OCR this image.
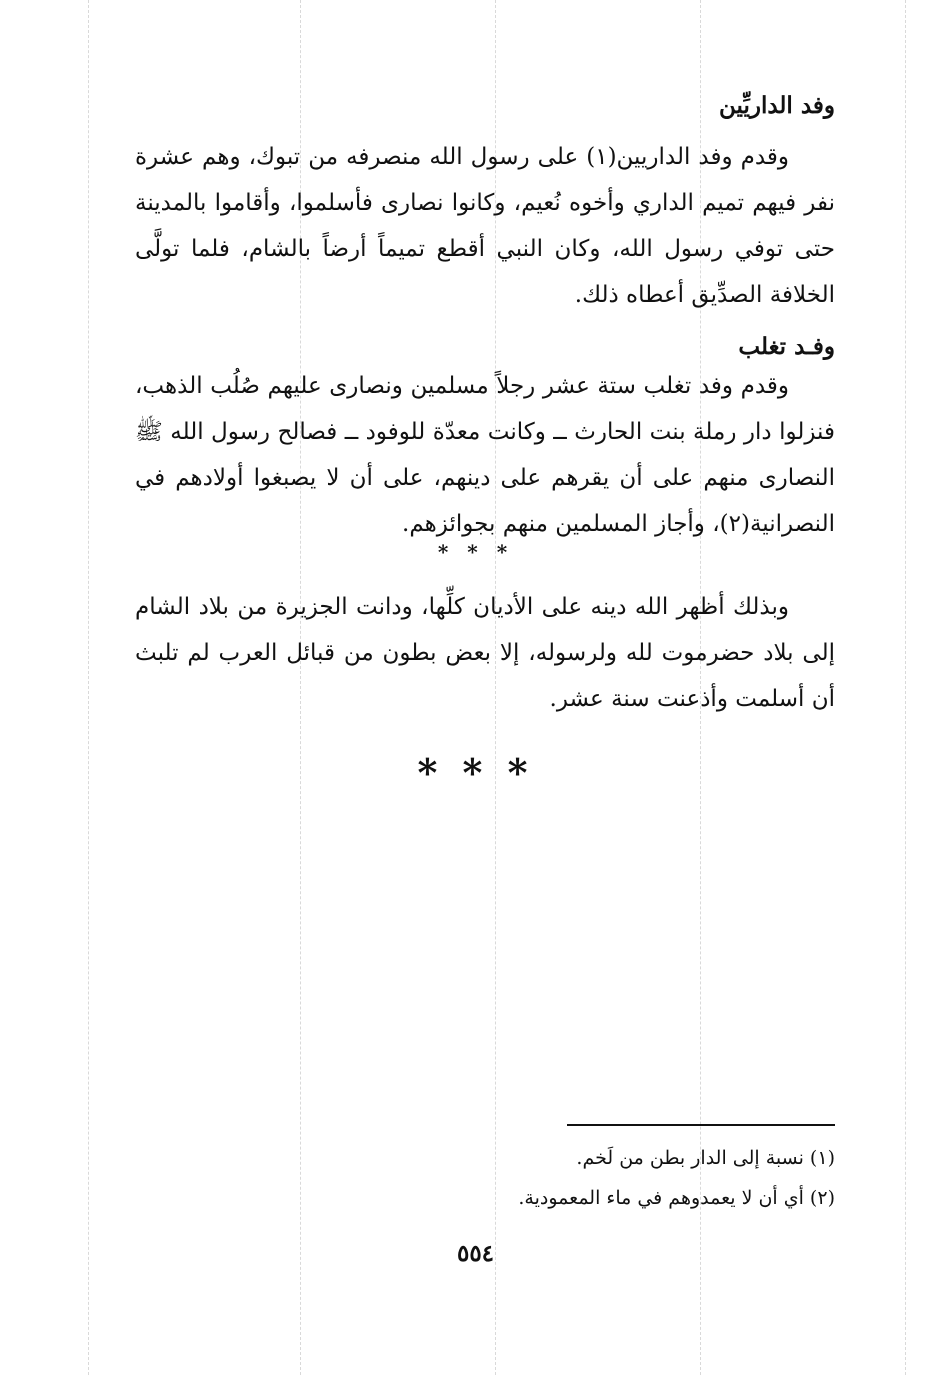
وفد الداريِّين

وقدم وفد الداريين(١) على رسول الله منصرفه من تبوك، وهم عشرة نفر فيهم تميم الداري وأخوه نُعيم، وكانوا نصارى فأسلموا، وأقاموا بالمدينة حتى توفي رسول الله، وكان النبي أقطع تميماً أرضاً بالشام، فلما تولَّى الخلافة الصدِّيق أعطاه ذلك.

وفـد تغلب

وقدم وفد تغلب ستة عشر رجلاً مسلمين ونصارى عليهم صُلُب الذهب، فنزلوا دار رملة بنت الحارث ــ وكانت معدّة للوفود ــ فصالح رسول الله ﷺ النصارى منهم على أن يقرهم على دينهم، على أن لا يصبغوا أولادهم في النصرانية(٢)، وأجاز المسلمين منهم بجوائزهم.

* * *

وبذلك أظهر الله دينه على الأديان كلِّها، ودانت الجزيرة من بلاد الشام إلى بلاد حضرموت لله ولرسوله، إلا بعض بطون من قبائل العرب لم تلبث أن أسلمت وأذعنت سنة عشر.

* * *

(١) نسبة إلى الدار بطن من لَخم.

(٢) أي أن لا يعمدوهم في ماء المعمودية.

٥٥٤
